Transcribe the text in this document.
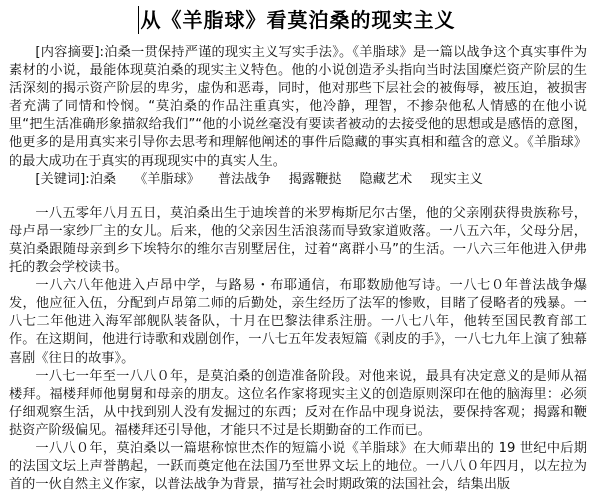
从《羊脂球》看莫泊桑的现实主义

[内容摘要]:泊桑一贯保持严谨的现实主义写实手法》。《羊脂球》是一篇以战争这个真实事件为素材的小说，最能体现莫泊桑的现实主义特色。他的小说创造矛头指向当时法国糜烂资产阶层的生活深刻的揭示资产阶层的卑劣，虚伪和恶毒，同时，他对那些下层社会的被侮辱，被压迫，被损害者充满了同情和怜悯。“莫泊桑的作品注重真实，他冷静，理智，不掺杂他私人情感的在他小说里“把生活准确形象描叙给我们”“他的小说丝毫没有要读者被动的去接受他的思想或是感悟的意图，他更多的是用真实来引导你去思考和理解他阐述的事件后隐藏的事实真相和蕴含的意义。《羊脂球》的最大成功在于真实的再现现实中的真实人生。

[关键词]:泊桑 《羊脂球》 普法战争 揭露鞭挞 隐藏艺术 现实主义

一八五零年八月五日，莫泊桑出生于迪埃普的米罗梅斯尼尔古堡，他的父亲刚获得贵族称号，母卢昂一家纱厂主的女儿。后来，他的父亲因生活浪荡而导致家道败落。一八五六年，父母分居，莫泊桑跟随母亲到乡下埃特尔的维尔吉别墅居住，过着“离群小马”的生活。一八六三年他进入伊弗托的教会学校读书。

一八六八年他进入卢昂中学，与路易・布耶通信，布耶数励他写诗。一八七０年普法战争爆发，他应征入伍，分配到卢昂第二师的后勤处，亲生经历了法军的惨败，目睹了侵略者的残暴。一八七二年他进入海军部舰队装备队，十月在巴黎法律系注册。一八七八年，他转至国民教育部工作。在这期间，他进行诗歌和戏剧创作，一八七五年发表短篇《剥皮的手》，一八七九年上演了独幕喜剧《往日的故事》。

一八七一年至一八八０年，是莫泊桑的创造准备阶段。对他来说，最具有决定意义的是师从福楼拜。福楼拜师他舅舅和母亲的朋友。这位名作家将现实主义的创造原则深印在他的脑海里：必须仔细观察生活，从中找到别人没有发掘过的东西；反对在作品中现身说法，要保持客观；揭露和鞭挞资产阶级偏见。福楼拜还引导他，才能只不过是长期勤奋的工作而已。

一八八０年，莫泊桑以一篇堪称惊世杰作的短篇小说《羊脂球》在大师辈出的 19 世纪中后期的法国文坛上声誉鹊起，一跃而奠定他在法国乃至世界文坛上的地位。一八八０年四月，以左拉为首的一伙自然主义作家，以普法战争为背景，描写社会时期政策的法国社会，结集出版
